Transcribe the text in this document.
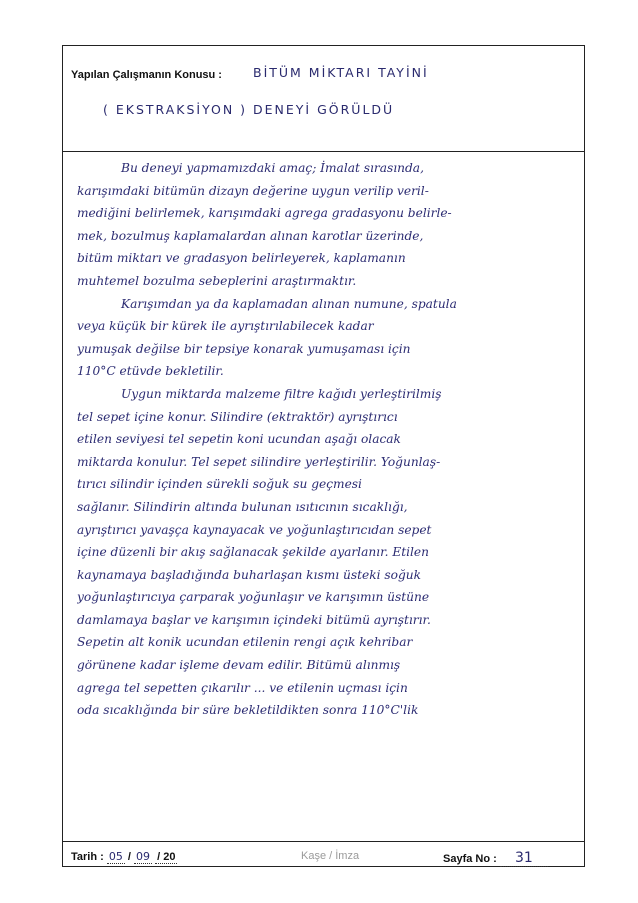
Yapılan Çalışmanın Konusu : BİTÜM MİKTARI TAYİNİ
( EKSTRAKSİYON ) DENEYİ GÖRÜLDÜ
Bu deneyi yapmamızdaki amaç; İmalat sırasında,
karışımdaki bitümün dizayn değerine uygun verilip veril-
mediğini belirlemek, karışımdaki agrega gradasyonu belirle-
mek, bozulmuş kaplamalardan alınan karotlar üzerinde,
bitüm miktarı ve gradasyon belirleyerek, kaplamanın
muhtemel bozulma sebeplerini araştırmaktır.
Karışımdan ya da kaplamadan alınan numune, spatula
veya küçük bir kürek ile ayrıştırılabilecek kadar
yumuşak değilse bir tepsiye konarak yumuşaması için
110°C etüvde bekletilir.
Uygun miktarda malzeme filtre kağıdı yerleştirilmiş
tel sepet içine konur. Silindire (ektraktör) ayrıştırıcı
etilen seviyesi tel sepetin koni ucundan aşağı olacak
miktarda konulur. Tel sepet silindire yerleştirilir. Yoğunlaş-
tırıcı silindir içinden sürekli soğuk su geçmesi
sağlanır. Silindirin altında bulunan ısıtıcının sıcaklığı,
ayrıştırıcı yavaşça kaynayacak ve yoğunlaştırıcıdan sepet
içine düzenli bir akış sağlanacak şekilde ayarlanır. Etilen
kaynamaya başladığında buharlaşan kısmı üsteki soğuk
yoğunlaştırıcıya çarparak yoğunlaşır ve karışımın üstüne
damlamaya başlar ve karışımın içindeki bitümü ayrıştırır.
Sepetin alt konik ucundan etilenin rengi açık kehribar
görünene kadar işleme devam edilir. Bitümü alınmış
agrega tel sepetten çıkarılır ... ve etilenin uçması için
oda sıcaklığında bir süre bekletildikten sonra 110°C'lik
Tarih : 05 / 09 / 20	Kaşe / İmza	Sayfa No : 31
